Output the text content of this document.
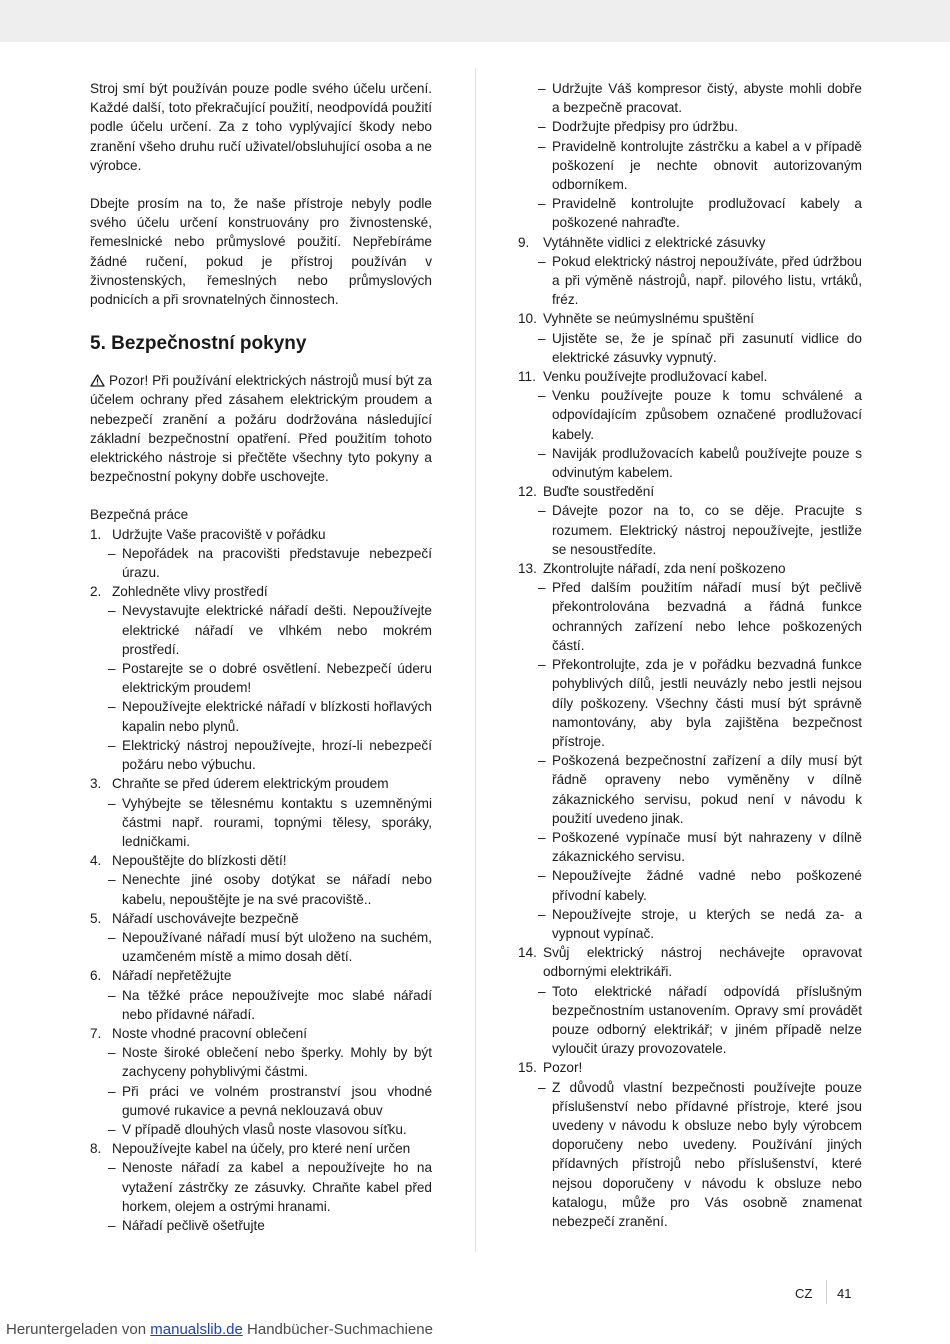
Stroj smí být používán pouze podle svého účelu určení. Každé další, toto překračující použití, neodpovídá použití podle účelu určení. Za z toho vyplývající škody nebo zranění všeho druhu ručí uživatel/obsluhující osoba a ne výrobce.

Dbejte prosím na to, že naše přístroje nebyly podle svého účelu určení konstruovány pro živnostenské, řemeslnické nebo průmyslové použití. Nepřebíráme žádné ručení, pokud je přístroj používán v živnostenských, řemeslných nebo průmyslových podnicích a při srovnatelných činnostech.

5. Bezpečnostní pokyny

Pozor! Při používání elektrických nástrojů musí být za účelem ochrany před zásahem elektrickým proudem a nebezpečí zranění a požáru dodržována následující základní bezpečnostní opatření. Před použitím tohoto elektrického nástroje si přečtěte všechny tyto pokyny a bezpečnostní pokyny dobře uschovejte.

Bezpečná práce

1. Udržujte Vaše pracoviště v pořádku
– Nepořádek na pracovišti představuje nebezpečí úrazu.
2. Zohledněte vlivy prostředí
– Nevystavujte elektrické nářadí dešti. Nepoužívejte elektrické nářadí ve vlhkém nebo mokrém prostředí.
– Postarejte se o dobré osvětlení. Nebezpečí úderu elektrickým proudem!
– Nepoužívejte elektrické nářadí v blízkosti hořlavých kapalin nebo plynů.
– Elektrický nástroj nepoužívejte, hrozí-li nebezpečí požáru nebo výbuchu.
3. Chraňte se před úderem elektrickým proudem
– Vyhýbejte se tělesnému kontaktu s uzemněnými částmi např. rourami, topnými tělesy, sporáky, ledničkami.
4. Nepouštějte do blízkosti dětí!
– Nenechte jiné osoby dotýkat se nářadí nebo kabelu, nepouštějte je na své pracoviště..
5. Nářadí uschovávejte bezpečně
– Nepoužívané nářadí musí být uloženo na suchém, uzamčeném místě a mimo dosah dětí.
6. Nářadí nepřetěžujte
– Na těžké práce nepoužívejte moc slabé nářadí nebo přídavné nářadí.
7. Noste vhodné pracovní oblečení
– Noste široké oblečení nebo šperky. Mohly by být zachyceny pohyblivými částmi.
– Při práci ve volném prostranství jsou vhodné gumové rukavice a pevná neklouzavá obuv
– V případě dlouhých vlasů noste vlasovou síťku.
8. Nepoužívejte kabel na účely, pro které není určen
– Nenoste nářadí za kabel a nepoužívejte ho na vytažení zástrčky ze zásuvky. Chraňte kabel před horkem, olejem a ostrými hranami.
– Nářadí pečlivě ošetřujte
– Udržujte Váš kompresor čistý, abyste mohli dobře a bezpečně pracovat.
– Dodržujte předpisy pro údržbu.
– Pravidelně kontrolujte zástrčku a kabel a v případě poškození je nechte obnovit autorizovaným odborníkem.
– Pravidelně kontrolujte prodlužovací kabely a poškozené nahraďte.
9. Vytáhněte vidlici z elektrické zásuvky
– Pokud elektrický nástroj nepoužíváte, před údržbou a při výměně nástrojů, např. pilového listu, vrtáků, fréz.
10. Vyhněte se neúmyslnému spuštění
– Ujistěte se, že je spínač při zasunutí vidlice do elektrické zásuvky vypnutý.
11. Venku používejte prodlužovací kabel.
– Venku používejte pouze k tomu schválené a odpovídajícím způsobem označené prodlužovací kabely.
– Naviják prodlužovacích kabelů používejte pouze s odvinutým kabelem.
12. Buďte soustředění
– Dávejte pozor na to, co se děje. Pracujte s rozumem. Elektrický nástroj nepoužívejte, jestliže se nesoustředíte.
13. Zkontrolujte nářadí, zda není poškozeno
– Před dalším použitím nářadí musí být pečlivě překontrolována bezvadná a řádná funkce ochranných zařízení nebo lehce poškozených částí.
– Překontrolujte, zda je v pořádku bezvadná funkce pohyblivých dílů, jestli neuvázly nebo jestli nejsou díly poškozeny. Všechny části musí být správně namontovány, aby byla zajištěna bezpečnost přístroje.
– Poškozená bezpečnostní zařízení a díly musí být řádně opraveny nebo vyměněny v dílně zákaznického servisu, pokud není v návodu k použití uvedeno jinak.
– Poškozené vypínače musí být nahrazeny v dílně zákaznického servisu.
– Nepoužívejte žádné vadné nebo poškozené přívodní kabely.
– Nepoužívejte stroje, u kterých se nedá za- a vypnout vypínač.
14. Svůj elektrický nástroj nechávejte opravovat odbornými elektrikáři.
– Toto elektrické nářadí odpovídá příslušným bezpečnostním ustanovením. Opravy smí provádět pouze odborný elektrikář; v jiném případě nelze vyloučit úrazy provozovatele.
15. Pozor!
– Z důvodů vlastní bezpečnosti používejte pouze příslušenství nebo přídavné přístroje, které jsou uvedeny v návodu k obsluze nebo byly výrobcem doporučeny nebo uvedeny. Používání jiných přídavných přístrojů nebo příslušenství, které nejsou doporučeny v návodu k obsluze nebo katalogu, může pro Vás osobně znamenat nebezpečí zranění.
CZ 41
Heruntergeladen von manualslib.de Handbücher-Suchmachiene
